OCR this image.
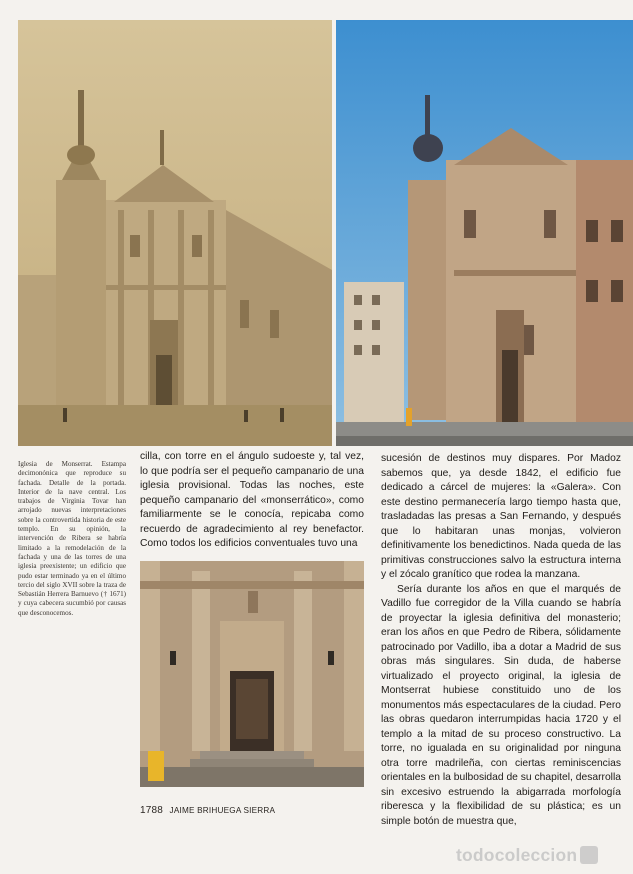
Iglesia de Monserrat. Estampa decimonónica que reproduce su fachada. Detalle de la portada. Interior de la nave central. Los trabajos de Virginia Tovar han arrojado nuevas interpretaciones sobre la controvertida historia de este templo. En su opinión, la intervención de Ribera se habría limitado a la remodelación de la fachada y una de las torres de una iglesia preexistente; un edificio que pudo estar terminado ya en el último tercio del siglo XVII sobre la traza de Sebastián Herrera Barnuevo († 1671) y cuya cabecera sucumbió por causas que desconocemos.

cilla, con torre en el ángulo sudoeste y, tal vez, lo que podría ser el pequeño campanario de una iglesia provisional. Todas las noches, este pequeño campanario del «monserrático», como familiarmente se le conocía, repicaba como recuerdo de agradecimiento al rey benefactor. Como todos los edificios conventuales tuvo una

sucesión de destinos muy dispares. Por Madoz sabemos que, ya desde 1842, el edificio fue dedicado a cárcel de mujeres: la «Galera». Con este destino permanecería largo tiempo hasta que, trasladadas las presas a San Fernando, y después que lo habitaran unas monjas, volvieron definitivamente los benedictinos. Nada queda de las primitivas construcciones salvo la estructura interna y el zócalo granítico que rodea la manzana.

Sería durante los años en que el marqués de Vadillo fue corregidor de la Villa cuando se habría de proyectar la iglesia definitiva del monasterio; eran los años en que Pedro de Ribera, sólidamente patrocinado por Vadillo, iba a dotar a Madrid de sus obras más singulares. Sin duda, de haberse virtualizado el proyecto original, la iglesia de Montserrat hubiese constituido uno de los monumentos más espectaculares de la ciudad. Pero las obras quedaron interrumpidas hacia 1720 y el templo a la mitad de su proceso constructivo. La torre, no igualada en su originalidad por ninguna otra torre madrileña, con ciertas reminiscencias orientales en la bulbosidad de su chapitel, desarrolla sin excesivo estruendo la abigarrada morfología riberesca y la flexibilidad de su plástica; es un simple botón de muestra que,

1788 JAIME BRIHUEGA SIERRA
todocoleccion
